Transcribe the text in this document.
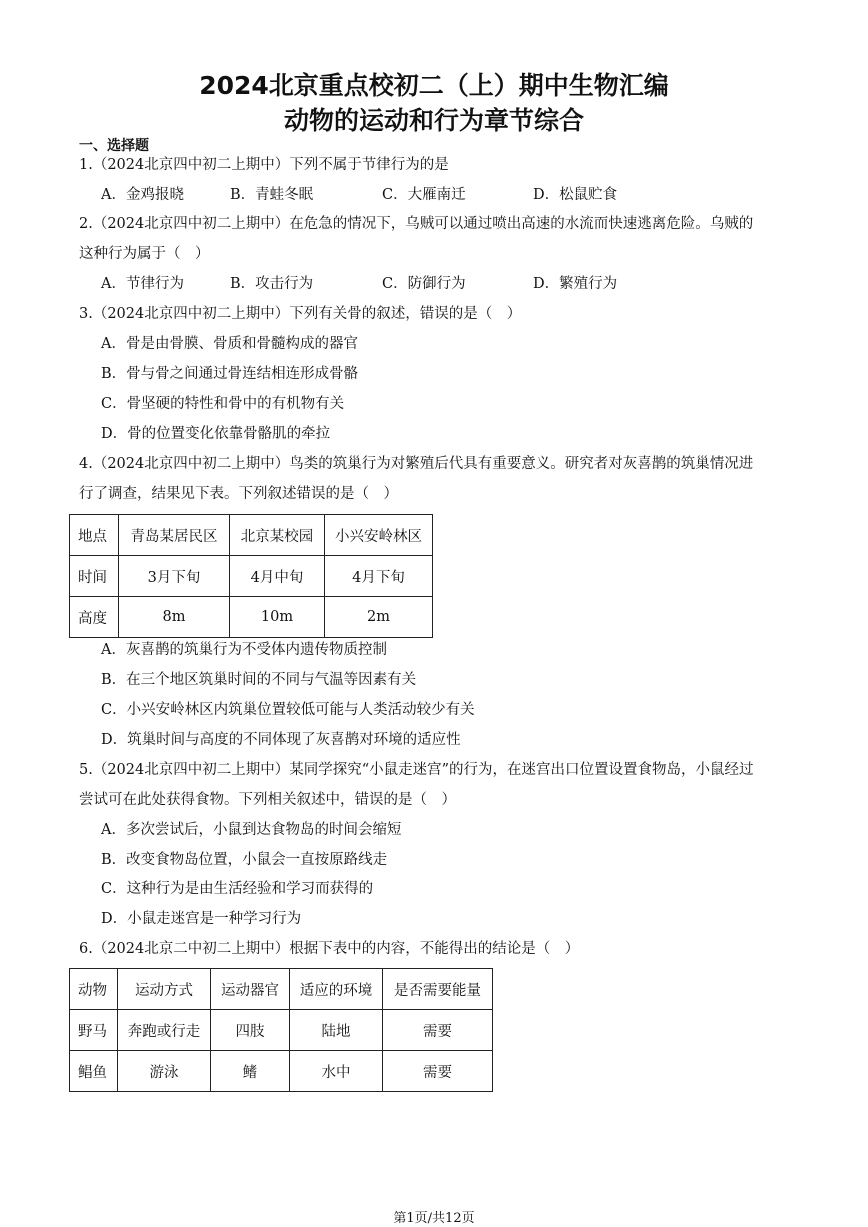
2024北京重点校初二（上）期中生物汇编
动物的运动和行为章节综合
一、选择题
1.（2024北京四中初二上期中）下列不属于节律行为的是
A．金鸡报晓	B．青蛙冬眠	C．大雁南迁	D．松鼠贮食
2.（2024北京四中初二上期中）在危急的情况下，乌贼可以通过喷出高速的水流而快速逃离危险。乌贼的
这种行为属于（　）
A．节律行为	B．攻击行为	C．防御行为	D．繁殖行为
3.（2024北京四中初二上期中）下列有关骨的叙述，错误的是（　）
A．骨是由骨膜、骨质和骨髓构成的器官
B．骨与骨之间通过骨连结相连形成骨骼
C．骨坚硬的特性和骨中的有机物有关
D．骨的位置变化依靠骨骼肌的牵拉
4.（2024北京四中初二上期中）鸟类的筑巢行为对繁殖后代具有重要意义。研究者对灰喜鹊的筑巢情况进
行了调查，结果见下表。下列叙述错误的是（　）
地点	青岛某居民区	北京某校园	小兴安岭林区
时间	3月下旬	4月中旬	4月下旬
高度	8m	10m	2m
A．灰喜鹊的筑巢行为不受体内遗传物质控制
B．在三个地区筑巢时间的不同与气温等因素有关
C．小兴安岭林区内筑巢位置较低可能与人类活动较少有关
D．筑巢时间与高度的不同体现了灰喜鹊对环境的适应性
5.（2024北京四中初二上期中）某同学探究“小鼠走迷宫”的行为，在迷宫出口位置设置食物岛，小鼠经过
尝试可在此处获得食物。下列相关叙述中，错误的是（　）
A．多次尝试后，小鼠到达食物岛的时间会缩短
B．改变食物岛位置，小鼠会一直按原路线走
C．这种行为是由生活经验和学习而获得的
D．小鼠走迷宫是一种学习行为
6.（2024北京二中初二上期中）根据下表中的内容，不能得出的结论是（　）
动物	运动方式	运动器官	适应的环境	是否需要能量
野马	奔跑或行走	四肢	陆地	需要
鲳鱼	游泳	鳍	水中	需要
第1页/共12页
